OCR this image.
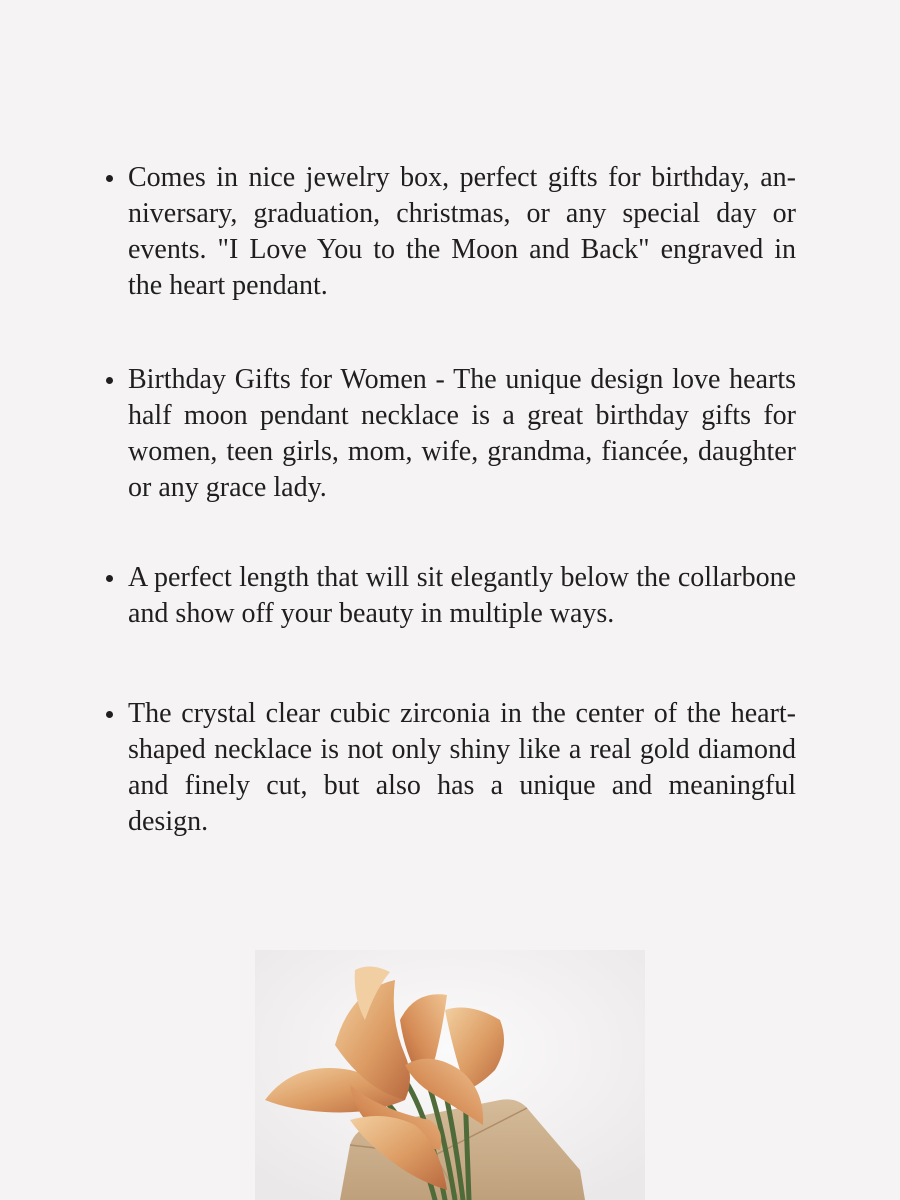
Comes in nice jewelry box, perfect gifts for birthday, anniversary, graduation, christmas, or any special day or events. "I Love You to the Moon and Back" engraved in the heart pendant.
Birthday Gifts for Women - The unique design love hearts half moon pendant necklace is a great birthday gifts for women, teen girls, mom, wife, grandma, fiancée, daughter or any grace lady.
A perfect length that will sit elegantly below the collarbone and show off your beauty in multiple ways.
The crystal clear cubic zirconia in the center of the heart-shaped necklace is not only shiny like a real gold diamond and finely cut, but also has a unique and meaningful design.
